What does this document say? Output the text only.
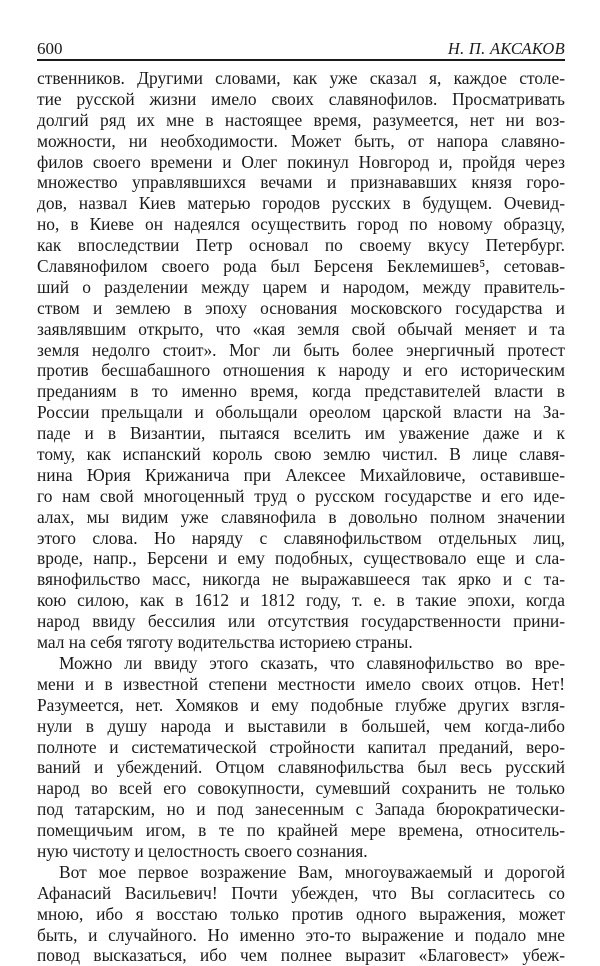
600	Н. П. АКСАКОВ
ственников. Другими словами, как уже сказал я, каждое столе-
тие русской жизни имело своих славянофилов. Просматривать
долгий ряд их мне в настоящее время, разумеется, нет ни воз-
можности, ни необходимости. Может быть, от напора славяно-
филов своего времени и Олег покинул Новгород и, пройдя через
множество управлявшихся вечами и признававших князя горо-
дов, назвал Киев матерью городов русских в будущем. Очевид-
но, в Киеве он надеялся осуществить город по новому образцу,
как впоследствии Петр основал по своему вкусу Петербург.
Славянофилом своего рода был Берсеня Беклемишев⁵, сетовав-
ший о разделении между царем и народом, между правитель-
ством и землею в эпоху основания московского государства и
заявлявшим открыто, что «кая земля свой обычай меняет и та
земля недолго стоит». Мог ли быть более энергичный протест
против бесшабашного отношения к народу и его историческим
преданиям в то именно время, когда представителей власти в
России прельщали и обольщали ореолом царской власти на За-
паде и в Византии, пытаяся вселить им уважение даже и к
тому, как испанский король свою землю чистил. В лице славя-
нина Юрия Крижанича при Алексее Михайловиче, оставивше-
го нам свой многоценный труд о русском государстве и его иде-
алах, мы видим уже славянофила в довольно полном значении
этого слова. Но наряду с славянофильством отдельных лиц,
вроде, напр., Берсени и ему подобных, существовало еще и сла-
вянофильство масс, никогда не выражавшееся так ярко и с та-
кою силою, как в 1612 и 1812 году, т. е. в такие эпохи, когда
народ ввиду бессилия или отсутствия государственности прини-
мал на себя тяготу водительства историею страны.
Можно ли ввиду этого сказать, что славянофильство во вре-
мени и в известной степени местности имело своих отцов. Нет!
Разумеется, нет. Хомяков и ему подобные глубже других взгля-
нули в душу народа и выставили в большей, чем когда-либо
полноте и систематической стройности капитал преданий, веро-
ваний и убеждений. Отцом славянофильства был весь русский
народ во всей его совокупности, сумевший сохранить не только
под татарским, но и под занесенным с Запада бюрократически-
помещичьим игом, в те по крайней мере времена, относитель-
ную чистоту и целостность своего сознания.
Вот мое первое возражение Вам, многоуважаемый и дорогой
Афанасий Васильевич! Почти убежден, что Вы согласитесь со
мною, ибо я восстаю только против одного выражения, может
быть, и случайного. Но именно это-то выражение и подало мне
повод высказаться, ибо чем полнее выразит «Благовест» убеж-
